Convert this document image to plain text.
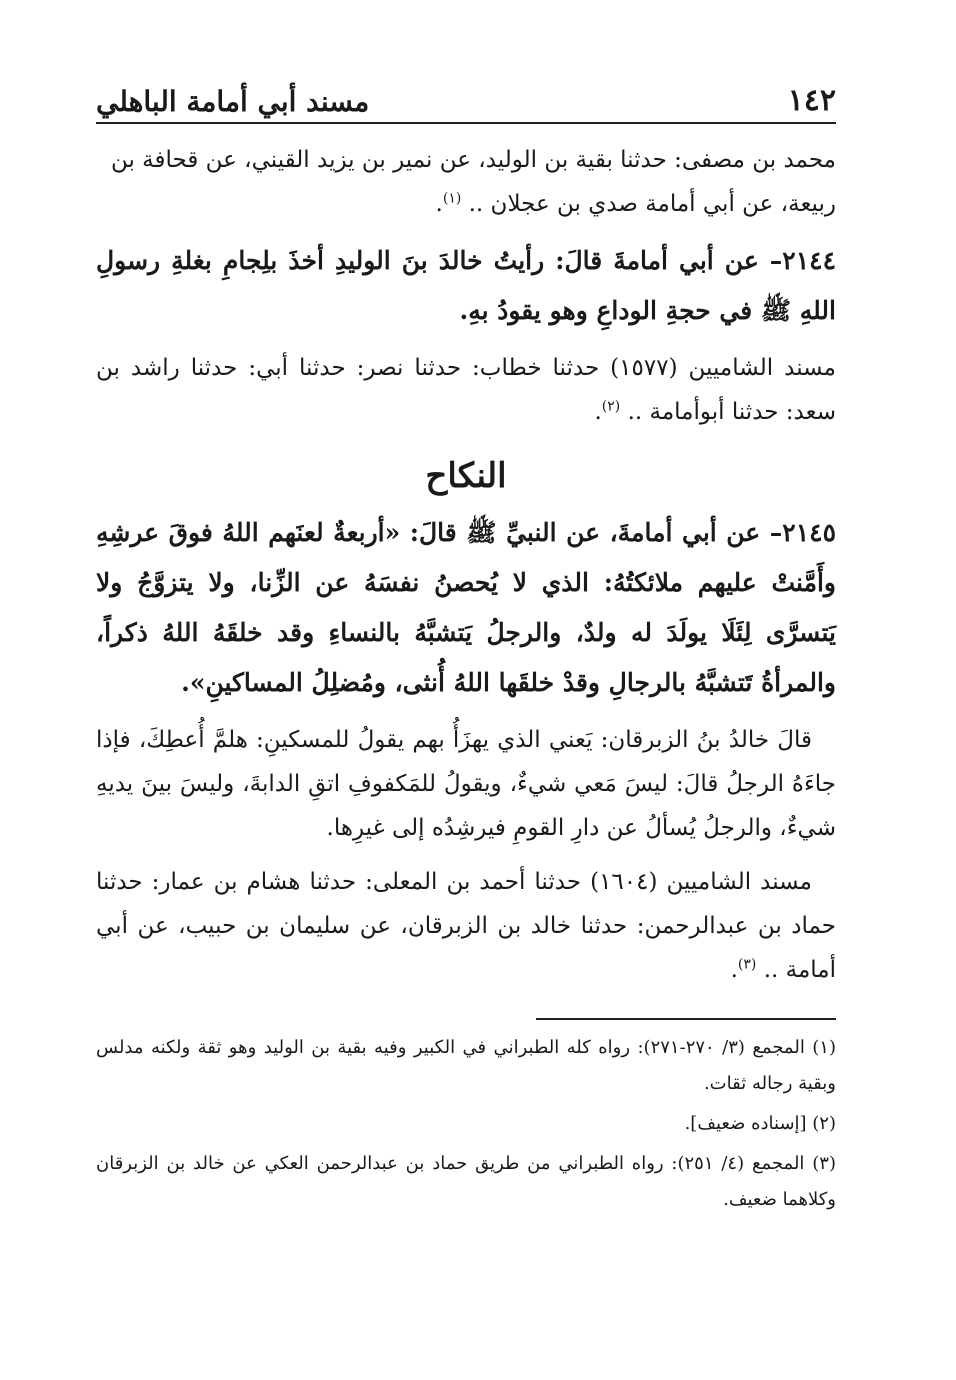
١٤٢
مسند أبي أمامة الباهلي

محمد بن مصفى: حدثنا بقية بن الوليد، عن نمير بن يزيد القيني، عن قحافة بن
ربيعة، عن أبي أمامة صدي بن عجلان .. $^{(١)}$.

٢١٤٤– عن أبي أمامةَ قالَ: رأيتُ خالدَ بنَ الوليدِ أخذَ بلِجامِ بغلةِ رسولِ اللهِ ﷺ في حجةِ الوداعِ وهو يقودُ بهِ.

مسند الشاميين (١٥٧٧) حدثنا خطاب: حدثنا نصر: حدثنا أبي: حدثنا راشد بن سعد: حدثنا أبوأمامة .. $^{(٢)}$.

النكاح

٢١٤٥– عن أبي أمامةَ، عن النبيِّ ﷺ قالَ: «أربعةٌ لعنَهم اللهُ فوقَ عرشِهِ وأَمَّنتْ عليهم ملائكتُهُ: الذي لا يُحصنُ نفسَهُ عن الزِّنا، ولا يتزوَّجُ ولا يَتسرَّى لِئَلَا يولَدَ له ولدٌ، والرجلُ يَتشبَّهُ بالنساءِ وقد خلقَهُ اللهُ ذكراً، والمرأةُ تَتشبَّهُ بالرجالِ وقدْ خلقَها اللهُ أُنثى، ومُضلِلُ المساكينِ».

قالَ خالدُ بنُ الزبرقان: يَعني الذي يهزَأُ بهم يقولُ للمسكينِ: هلمَّ أُعطِكَ، فإذا جاءَهُ الرجلُ قالَ: ليسَ مَعي شيءٌ، ويقولُ للمَكفوفِ اتقِ الدابةَ، وليسَ بينَ يديهِ شيءٌ، والرجلُ يُسألُ عن دارِ القومِ فيرشِدُه إلى غيرِها.

مسند الشاميين (١٦٠٤) حدثنا أحمد بن المعلى: حدثنا هشام بن عمار: حدثنا حماد بن عبدالرحمن: حدثنا خالد بن الزبرقان، عن سليمان بن حبيب، عن أبي أمامة .. $^{(٣)}$.

(١) المجمع (٣/ ٢٧٠-٢٧١): رواه كله الطبراني في الكبير وفيه بقية بن الوليد وهو ثقة ولكنه مدلس وبقية رجاله ثقات.

(٢) [إسناده ضعيف].

(٣) المجمع (٤/ ٢٥١): رواه الطبراني من طريق حماد بن عبدالرحمن العكي عن خالد بن الزبرقان وكلاهما ضعيف.
